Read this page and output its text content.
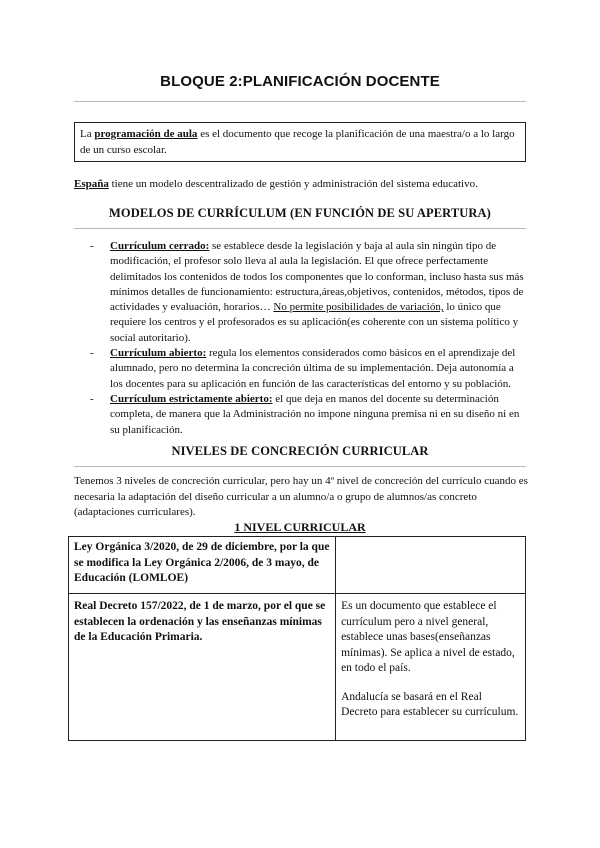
BLOQUE 2:PLANIFICACIÓN DOCENTE
La programación de aula es el documento que recoge la planificación de una maestra/o a lo largo de un curso escolar.
España tiene un modelo descentralizado de gestión y administración del sistema educativo.
MODELOS DE CURRÍCULUM (EN FUNCIÓN DE SU APERTURA)
- Currículum cerrado: se establece desde la legislación y baja al aula sin ningún tipo de modificación, el profesor solo lleva al aula la legislación. El que ofrece perfectamente delimitados los contenidos de todos los componentes que lo conforman, incluso hasta sus más mínimos detalles de funcionamiento: estructura,áreas,objetivos, contenidos, métodos, tipos de actividades y evaluación, horarios… No permite posibilidades de variación, lo único que requiere los centros y el profesorados es su aplicación(es coherente con un sistema político y social autoritario).
- Currículum abierto: regula los elementos considerados como básicos en el aprendizaje del alumnado, pero no determina la concreción última de su implementación. Deja autonomía a los docentes para su aplicación en función de las características del entorno y su población.
- Currículum estrictamente abierto: el que deja en manos del docente su determinación completa, de manera que la Administración no impone ninguna premisa ni en su diseño ni en su planificación.
NIVELES DE CONCRECIÓN CURRICULAR
Tenemos 3 niveles de concreción curricular, pero hay un 4º nivel de concreción del currículo cuando es necesaria la adaptación del diseño curricular a un alumno/a o grupo de alumnos/as concreto (adaptaciones curriculares).
1 NIVEL CURRICULAR
Ley Orgánica 3/2020, de 29 de diciembre, por la que se modifica la Ley Orgánica 2/2006, de 3 mayo, de Educación (LOMLOE)	
Real Decreto 157/2022, de 1 de marzo, por el que se establecen la ordenación y las enseñanzas mínimas de la Educación Primaria.	Es un documento que establece el currículum pero a nivel general, establece unas bases(enseñanzas mínimas). Se aplica a nivel de estado, en todo el país.
Andalucía se basará en el Real Decreto para establecer su currículum.
